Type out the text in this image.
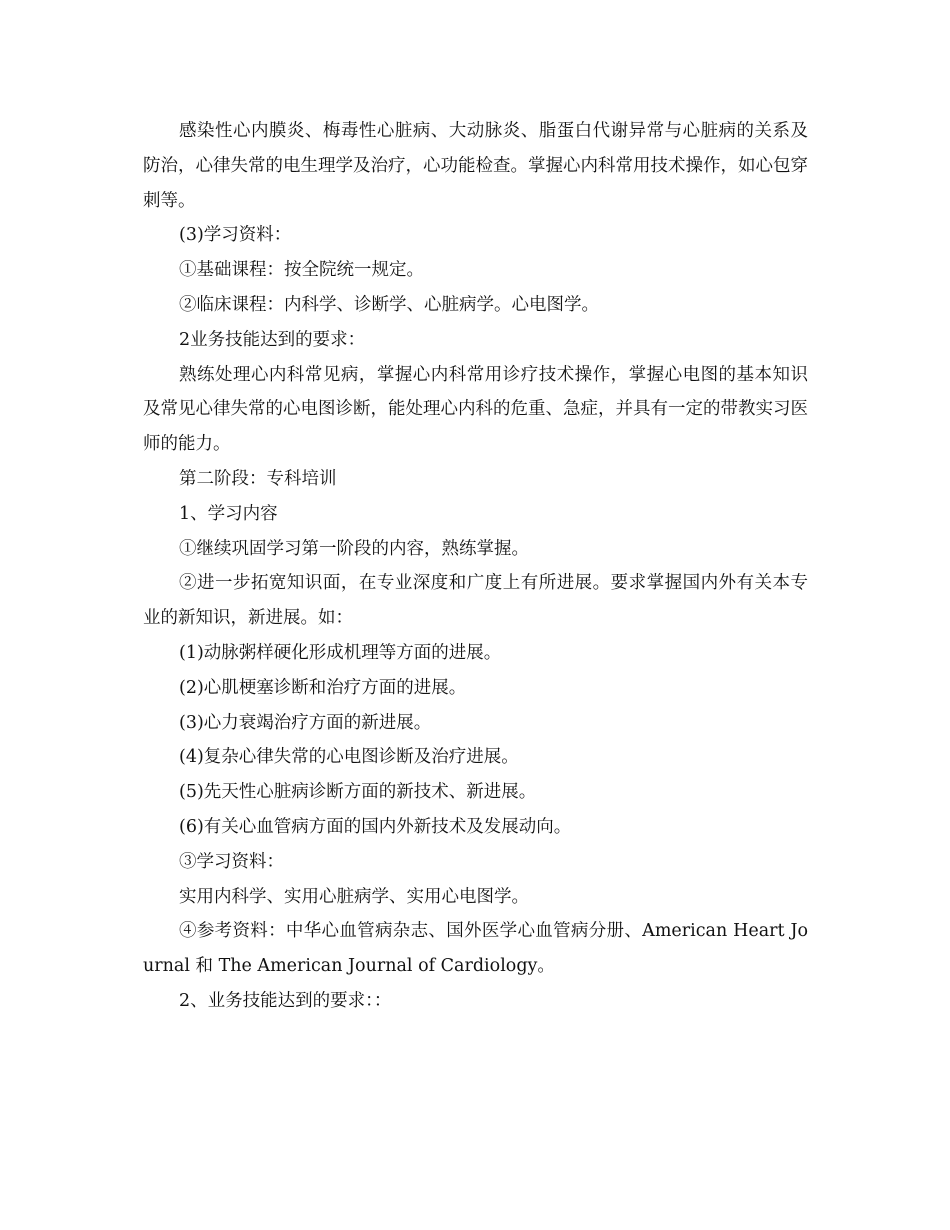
感染性心内膜炎、梅毒性心脏病、大动脉炎、脂蛋白代谢异常与心脏病的关系及防治，心律失常的电生理学及治疗，心功能检查。掌握心内科常用技术操作，如心包穿刺等。

(3)学习资料：

①基础课程：按全院统一规定。

②临床课程：内科学、诊断学、心脏病学。心电图学。

2业务技能达到的要求：

熟练处理心内科常见病，掌握心内科常用诊疗技术操作，掌握心电图的基本知识及常见心律失常的心电图诊断，能处理心内科的危重、急症，并具有一定的带教实习医师的能力。

第二阶段：专科培训

1、学习内容

①继续巩固学习第一阶段的内容，熟练掌握。

②进一步拓宽知识面，在专业深度和广度上有所进展。要求掌握国内外有关本专业的新知识，新进展。如：

(1)动脉粥样硬化形成机理等方面的进展。

(2)心肌梗塞诊断和治疗方面的进展。

(3)心力衰竭治疗方面的新进展。

(4)复杂心律失常的心电图诊断及治疗进展。

(5)先天性心脏病诊断方面的新技术、新进展。

(6)有关心血管病方面的国内外新技术及发展动向。

③学习资料：

实用内科学、实用心脏病学、实用心电图学。

④参考资料：中华心血管病杂志、国外医学心血管病分册、American Heart Journal 和 The American Journal of Cardiology。

2、业务技能达到的要求：：
